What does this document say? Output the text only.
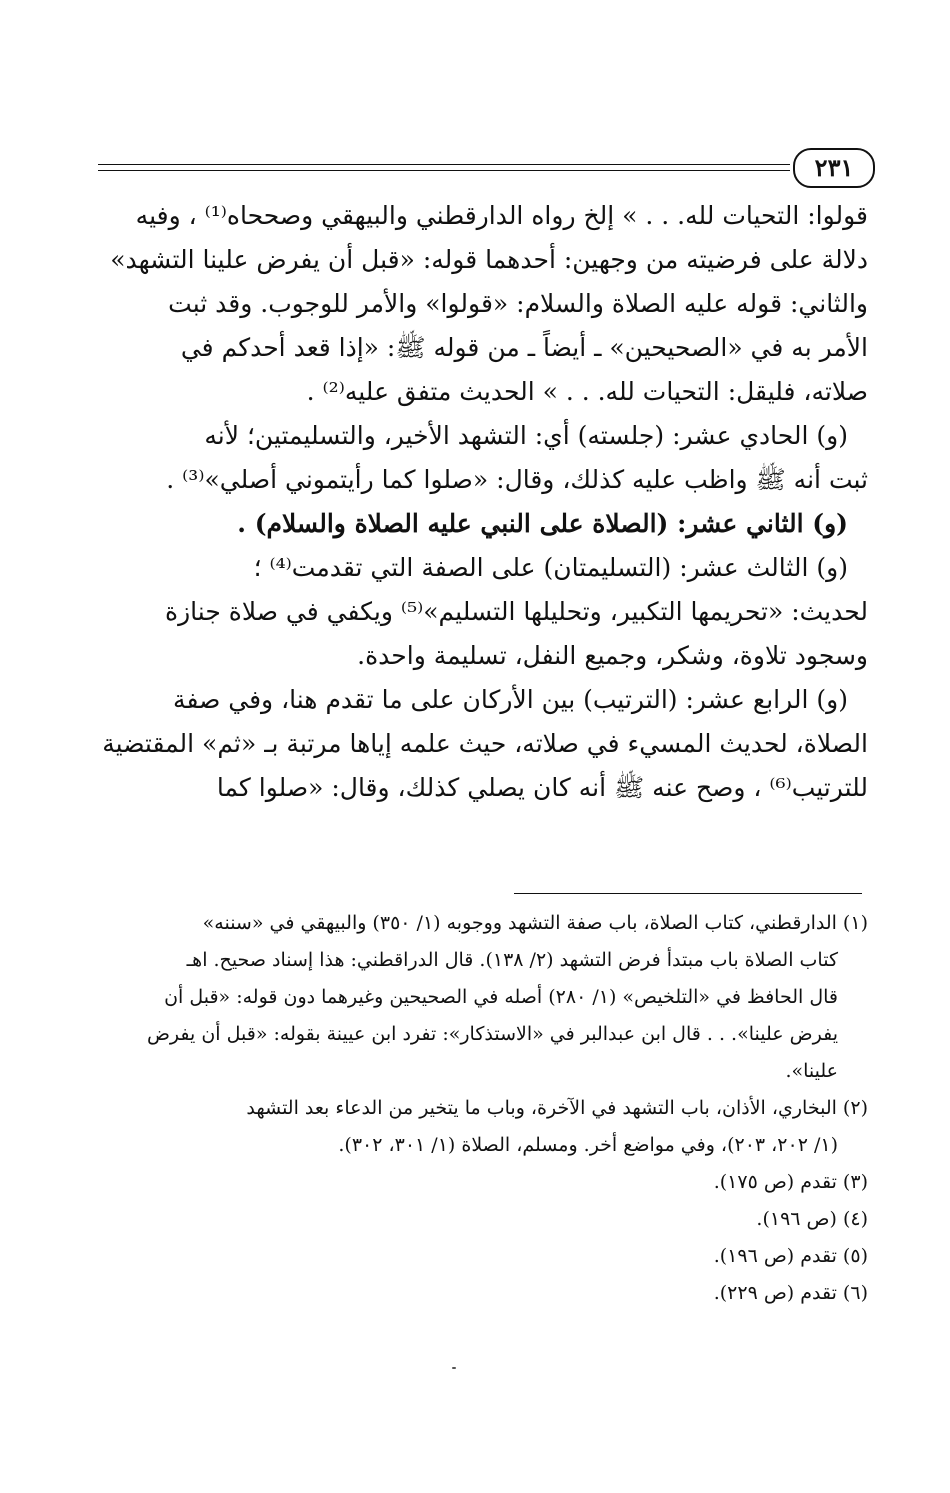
٢٣١
قولوا: التحيات لله. . . » إلخ رواه الدارقطني والبيهقي وصححاه⁽¹⁾ ، وفيه
دلالة على فرضيته من وجهين: أحدهما قوله: «قبل أن يفرض علينا التشهد»
والثاني: قوله عليه الصلاة والسلام: «قولوا» والأمر للوجوب. وقد ثبت
الأمر به في «الصحيحين» ـ أيضاً ـ من قوله ﷺ: «إذا قعد أحدكم في
صلاته، فليقل: التحيات لله. . . » الحديث متفق عليه⁽²⁾ .
(و) الحادي عشر: (جلسته) أي: التشهد الأخير، والتسليمتين؛ لأنه
ثبت أنه ﷺ واظب عليه كذلك، وقال: «صلوا كما رأيتموني أصلي»⁽³⁾ .
(و) الثاني عشر: (الصلاة على النبي عليه الصلاة والسلام) .
(و) الثالث عشر: (التسليمتان) على الصفة التي تقدمت⁽⁴⁾ ؛
لحديث: «تحريمها التكبير، وتحليلها التسليم»⁽⁵⁾ ويكفي في صلاة جنازة
وسجود تلاوة، وشكر، وجميع النفل، تسليمة واحدة.
(و) الرابع عشر: (الترتيب) بين الأركان على ما تقدم هنا، وفي صفة
الصلاة، لحديث المسيء في صلاته، حيث علمه إياها مرتبة بـ «ثم» المقتضية
للترتيب⁽⁶⁾ ، وصح عنه ﷺ أنه كان يصلي كذلك، وقال: «صلوا كما
(١) الدارقطني، كتاب الصلاة، باب صفة التشهد ووجوبه (١/ ٣٥٠) والبيهقي في «سننه»
كتاب الصلاة باب مبتدأ فرض التشهد (٢/ ١٣٨). قال الدراقطني: هذا إسناد صحيح. اهـ
قال الحافظ في «التلخيص» (١/ ٢٨٠) أصله في الصحيحين وغيرهما دون قوله: «قبل أن
يفرض علينا». . . قال ابن عبدالبر في «الاستذكار»: تفرد ابن عيينة بقوله: «قبل أن يفرض
علينا».
(٢) البخاري، الأذان، باب التشهد في الآخرة، وباب ما يتخير من الدعاء بعد التشهد
(١/ ٢٠٢، ٢٠٣)، وفي مواضع أخر. ومسلم، الصلاة (١/ ٣٠١، ٣٠٢).
(٣) تقدم (ص ١٧٥).
(٤) (ص ١٩٦).
(٥) تقدم (ص ١٩٦).
(٦) تقدم (ص ٢٢٩).
